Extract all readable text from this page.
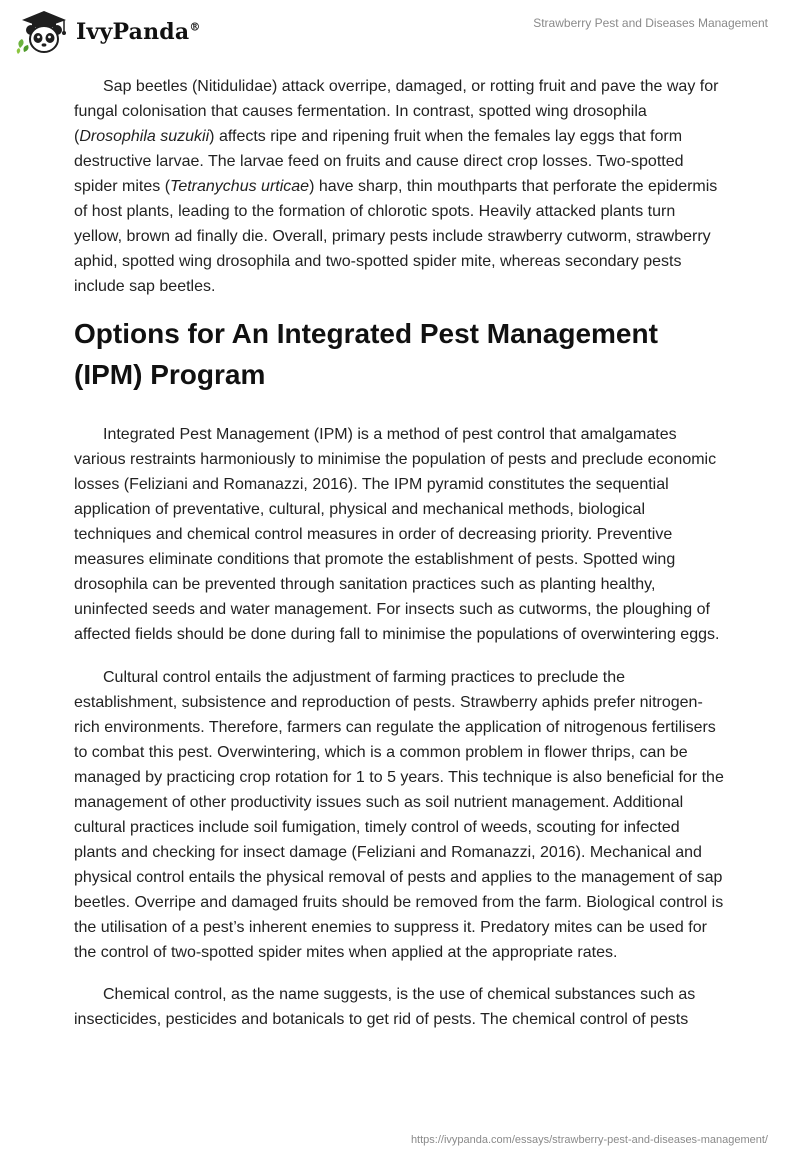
IvyPanda®	Strawberry Pest and Diseases Management

Sap beetles (Nitidulidae) attack overripe, damaged, or rotting fruit and pave the way for fungal colonisation that causes fermentation. In contrast, spotted wing drosophila (Drosophila suzukii) affects ripe and ripening fruit when the females lay eggs that form destructive larvae. The larvae feed on fruits and cause direct crop losses. Two-spotted spider mites (Tetranychus urticae) have sharp, thin mouthparts that perforate the epidermis of host plants, leading to the formation of chlorotic spots. Heavily attacked plants turn yellow, brown ad finally die. Overall, primary pests include strawberry cutworm, strawberry aphid, spotted wing drosophila and two-spotted spider mite, whereas secondary pests include sap beetles.

Options for An Integrated Pest Management (IPM) Program

Integrated Pest Management (IPM) is a method of pest control that amalgamates various restraints harmoniously to minimise the population of pests and preclude economic losses (Feliziani and Romanazzi, 2016). The IPM pyramid constitutes the sequential application of preventative, cultural, physical and mechanical methods, biological techniques and chemical control measures in order of decreasing priority. Preventive measures eliminate conditions that promote the establishment of pests. Spotted wing drosophila can be prevented through sanitation practices such as planting healthy, uninfected seeds and water management. For insects such as cutworms, the ploughing of affected fields should be done during fall to minimise the populations of overwintering eggs.

Cultural control entails the adjustment of farming practices to preclude the establishment, subsistence and reproduction of pests. Strawberry aphids prefer nitrogen-rich environments. Therefore, farmers can regulate the application of nitrogenous fertilisers to combat this pest. Overwintering, which is a common problem in flower thrips, can be managed by practicing crop rotation for 1 to 5 years. This technique is also beneficial for the management of other productivity issues such as soil nutrient management. Additional cultural practices include soil fumigation, timely control of weeds, scouting for infected plants and checking for insect damage (Feliziani and Romanazzi, 2016). Mechanical and physical control entails the physical removal of pests and applies to the management of sap beetles. Overripe and damaged fruits should be removed from the farm. Biological control is the utilisation of a pest’s inherent enemies to suppress it. Predatory mites can be used for the control of two-spotted spider mites when applied at the appropriate rates.

Chemical control, as the name suggests, is the use of chemical substances such as insecticides, pesticides and botanicals to get rid of pests. The chemical control of pests

https://ivypanda.com/essays/strawberry-pest-and-diseases-management/
